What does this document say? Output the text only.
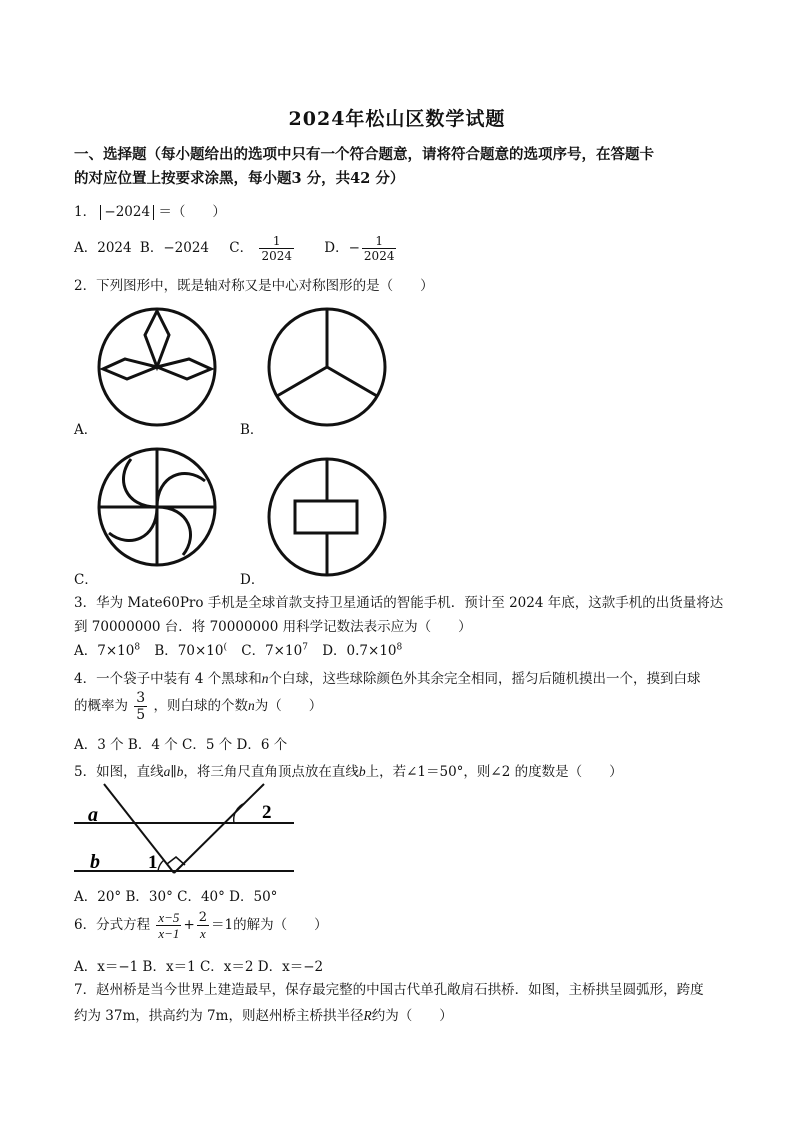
2024年松山区数学试题
一、选择题（每小题给出的选项中只有一个符合题意，请将符合题意的选项序号，在答题卡
的对应位置上按要求涂黑，每小题3 分，共42 分）
1． −2024 ＝（　　）
A．2024 B．−2024 C． $\frac{1}{2024}$ D．− $\frac{1}{2024}$
2．下列图形中，既是轴对称又是中心对称图形的是（　　）
A．	B．
C．	D．
3．华为 Mate60Pro 手机是全球首款支持卫星通话的智能手机．预计至 2024 年底，这款手机的出货量将达
到 70000000 台．将 70000000 用科学记数法表示应为（　　）
A．$7\times 10^8$ B．70×10( C．$7\times 10^7$ D．$0.7\times 10^8$
4．一个袋子中装有 4 个黑球和n个白球，这些球除颜色外其余完全相同，摇匀后随机摸出一个，摸到白球
的概率为 $\frac{3}{5}$ ，则白球的个数n为（　　）
A．3 个 B．4 个 C．5 个 D．6 个
5．如图，直线a∥b，将三角尺直角顶点放在直线b上，若∠1＝50°，则∠2 的度数是（　　）
a
b	1
2
A．20° B．30° C．40° D．50°
6．分式方程 $\frac{x-5}{x-1} + \frac{2}{x} =1$的解为（　　）
A．x＝−1 B．x＝1 C．x＝2 D．x＝−2
7．赵州桥是当今世界上建造最早，保存最完整的中国古代单孔敞肩石拱桥．如图，主桥拱呈圆弧形，跨度
约为 37m，拱高约为 7m，则赵州桥主桥拱半径R约为（　　）
